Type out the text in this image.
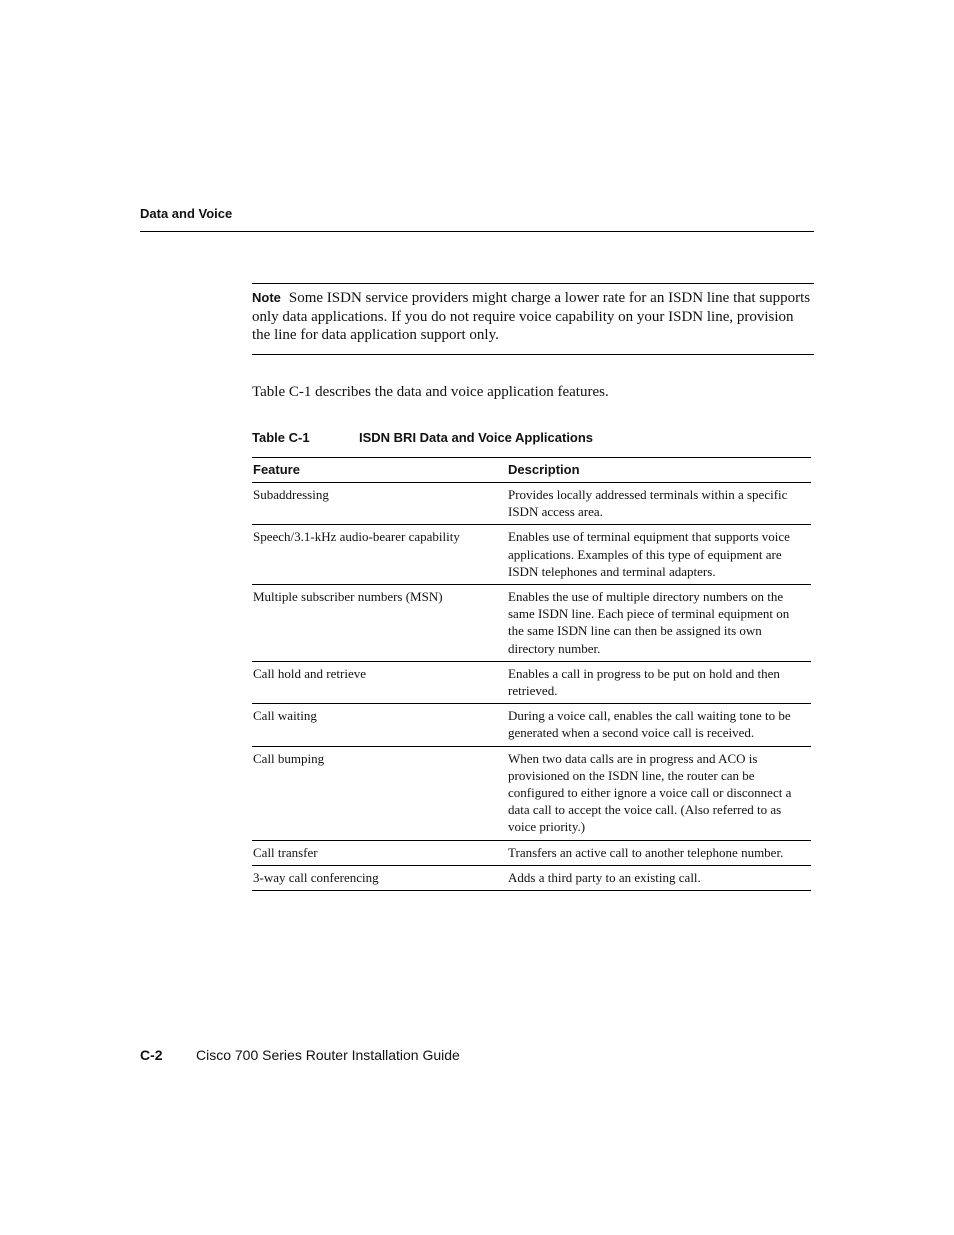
Data and Voice
Note Some ISDN service providers might charge a lower rate for an ISDN line that supports only data applications. If you do not require voice capability on your ISDN line, provision the line for data application support only.
Table C-1 describes the data and voice application features.
Table C-1	ISDN BRI Data and Voice Applications
Feature	Description
Subaddressing	Provides locally addressed terminals within a specific ISDN access area.
Speech/3.1-kHz audio-bearer capability	Enables use of terminal equipment that supports voice applications. Examples of this type of equipment are ISDN telephones and terminal adapters.
Multiple subscriber numbers (MSN)	Enables the use of multiple directory numbers on the same ISDN line. Each piece of terminal equipment on the same ISDN line can then be assigned its own directory number.
Call hold and retrieve	Enables a call in progress to be put on hold and then retrieved.
Call waiting	During a voice call, enables the call waiting tone to be generated when a second voice call is received.
Call bumping	When two data calls are in progress and ACO is provisioned on the ISDN line, the router can be configured to either ignore a voice call or disconnect a data call to accept the voice call. (Also referred to as voice priority.)
Call transfer	Transfers an active call to another telephone number.
3-way call conferencing	Adds a third party to an existing call.
C-2 Cisco 700 Series Router Installation Guide
